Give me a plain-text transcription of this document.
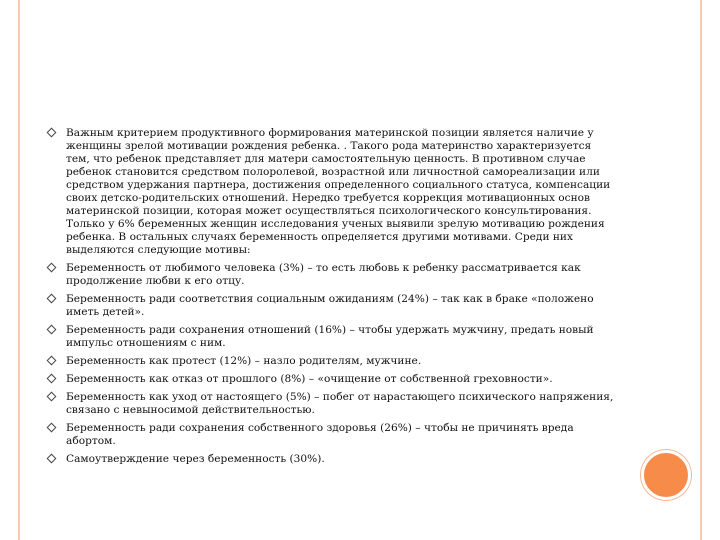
Важным критерием продуктивного формирования материнской позиции является наличие у женщины зрелой мотивации рождения ребенка. . Такого рода материнство характеризуется тем, что ребенок представляет для матери самостоятельную ценность. В противном случае ребенок становится средством полоролевой, возрастной или личностной самореализации или средством удержания партнера, достижения определенного социального статуса, компенсации своих детско-родительских отношений. Нередко требуется коррекция мотивационных основ материнской позиции, которая может осуществляться психологического консультирования. Только у 6% беременных женщин исследования ученых выявили зрелую мотивацию рождения ребенка. В остальных случаях беременность определяется другими мотивами. Среди них выделяются следующие мотивы:
Беременность от любимого человека (3%) – то есть любовь к ребенку рассматривается как продолжение любви к его отцу.
Беременность ради соответствия социальным ожиданиям (24%) – так как в браке «положено иметь детей».
Беременность ради сохранения отношений (16%) – чтобы удержать мужчину, предать новый импульс отношениям с ним.
Беременность как протест (12%) – назло родителям, мужчине.
Беременность как отказ от прошлого (8%) – «очищение от собственной греховности».
Беременность как уход от настоящего (5%) – побег от нарастающего психического напряжения, связано с невыносимой действительностью.
Беременность ради сохранения собственного здоровья (26%) – чтобы не причинять вреда абортом.
Самоутверждение через беременность (30%).
